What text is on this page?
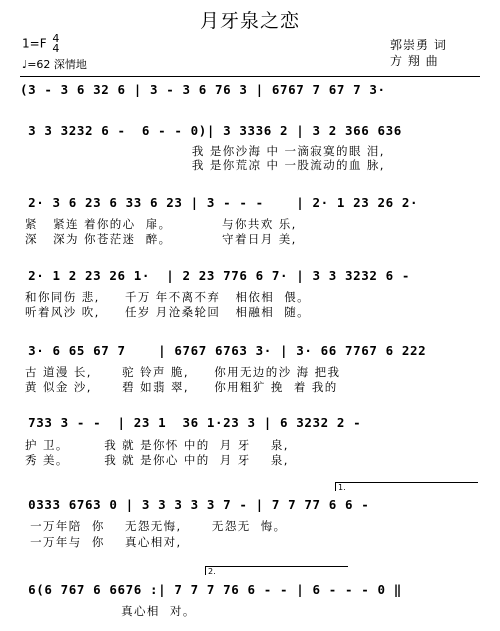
月牙泉之恋
1=F 4
4
♩=62 深情地
郭崇勇 词
方 翔 曲
(3 - 3 6 32 6 | 3 - 3 6 76 3 | 6767 7 67 7 3·
3 3 3232 6 -  6 - - 0)| 3 3336 2 | 3 2 366 636
我 是你沙海 中 一滴寂寞的眼 泪,
我 是你荒凉 中 一股流动的血 脉,
2· 3 6 23 6 33 6 23 | 3 - - -    | 2· 1 23 26 2·
紧   紧连 着你的心  扉。          与你共欢 乐,
深   深为 你苍茫迷  醉。          守着日月 美,
2· 1 2 23 26 1·  | 2 23 776 6 7· | 3 3 3232 6 -
和你同伤 悲,     千万 年不离不弃   相依相  偎。
听着风沙 吹,     任岁 月沧桑轮回   相融相  随。
3· 6 65 67 7    | 6767 6763 3· | 3· 66 7767 6 222
古 道漫 长,      驼 铃声 脆,     你用无边的沙 海 把我
黄 似金 沙,      碧 如翡 翠,     你用粗犷 挽  着 我的
733 3 - -  | 23 1  36 1·23 3 | 6 3232 2 -
护 卫。       我 就 是你怀 中的  月 牙    泉,
秀 美。       我 就 是你心 中的  月 牙    泉,
1.
0333 6763 0 | 3 3 3 3 3 7 - | 7 7 77 6 6 -
一万年陪  你    无怨无悔,      无怨无  悔。
一万年与  你    真心相对,
2.
6(6 767 6 6676 :| 7 7 7 76 6 - - | 6 - - - 0 ‖
真心相  对。
